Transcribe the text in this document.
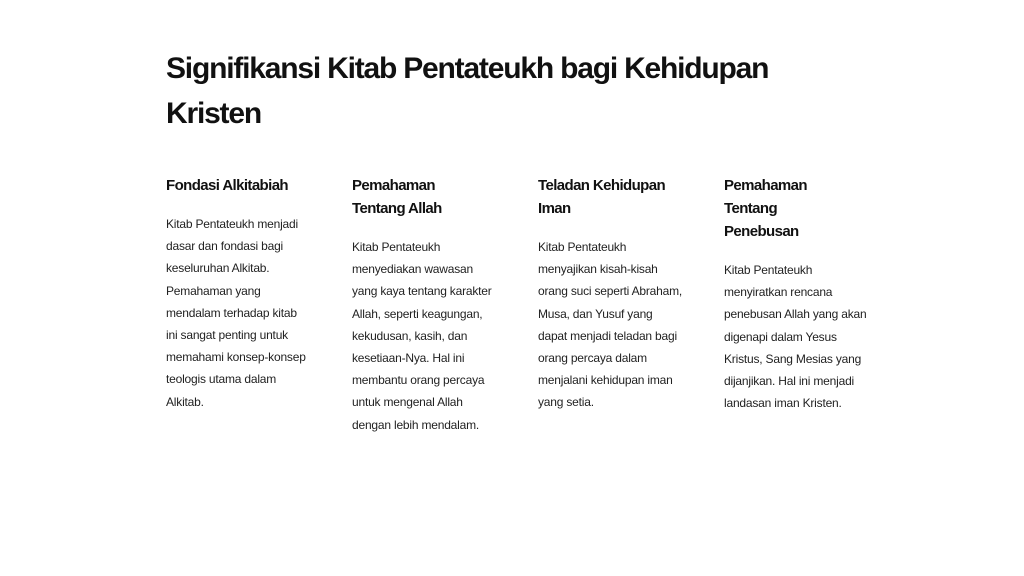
Signifikansi Kitab Pentateukh bagi Kehidupan Kristen
Fondasi Alkitabiah

Kitab Pentateukh menjadi dasar dan fondasi bagi keseluruhan Alkitab. Pemahaman yang mendalam terhadap kitab ini sangat penting untuk memahami konsep-konsep teologis utama dalam Alkitab.

Pemahaman Tentang Allah

Kitab Pentateukh menyediakan wawasan yang kaya tentang karakter Allah, seperti keagungan, kekudusan, kasih, dan kesetiaan-Nya. Hal ini membantu orang percaya untuk mengenal Allah dengan lebih mendalam.

Teladan Kehidupan Iman

Kitab Pentateukh menyajikan kisah-kisah orang suci seperti Abraham, Musa, dan Yusuf yang dapat menjadi teladan bagi orang percaya dalam menjalani kehidupan iman yang setia.

Pemahaman Tentang Penebusan

Kitab Pentateukh menyiratkan rencana penebusan Allah yang akan digenapi dalam Yesus Kristus, Sang Mesias yang dijanjikan. Hal ini menjadi landasan iman Kristen.
